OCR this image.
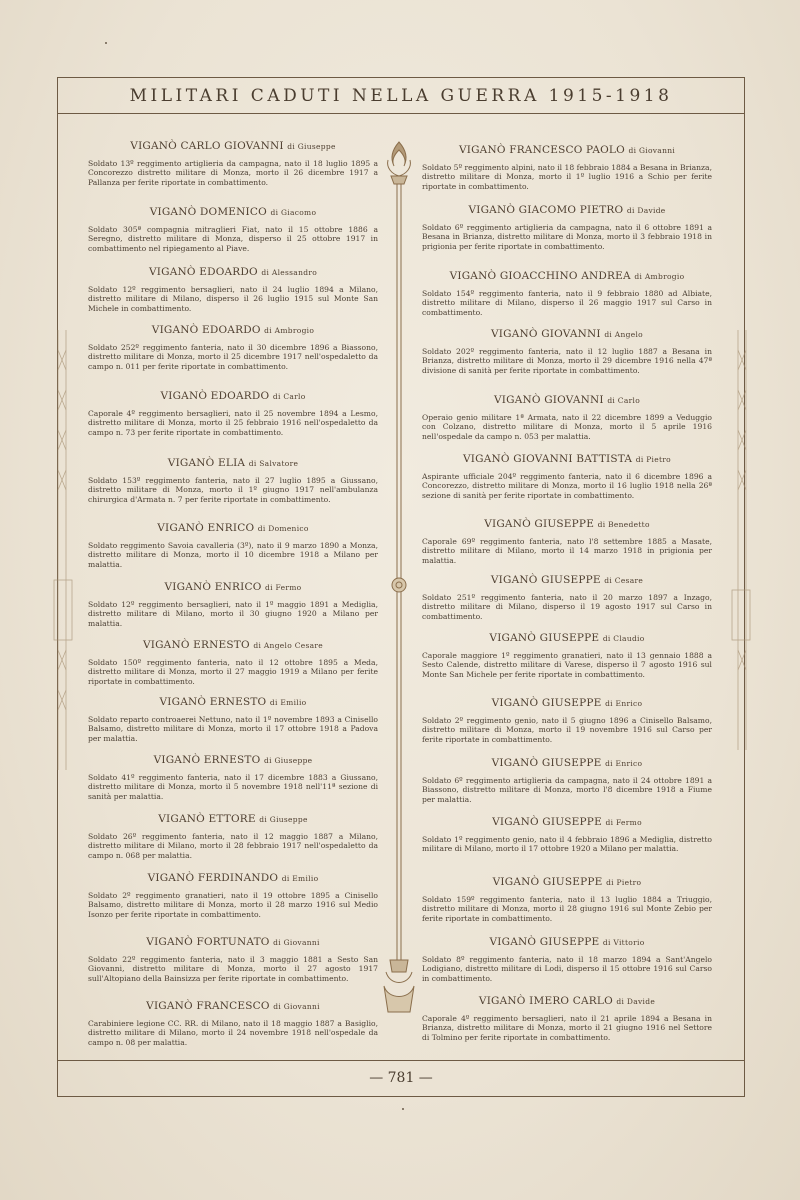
MILITARI CADUTI NELLA GUERRA 1915-1918
VIGANÒ CARLO GIOVANNI di Giuseppe

Soldato 13º reggimento artiglieria da campagna, nato il 18 luglio 1895 a Concorezzo distretto militare di Monza, morto il 26 dicembre 1917 a Pallanza per ferite riportate in combattimento.

VIGANÒ DOMENICO di Giacomo

Soldato 305ª compagnia mitraglieri Fiat, nato il 15 ottobre 1886 a Seregno, distretto militare di Monza, disperso il 25 ottobre 1917 in combattimento nel ripiegamento al Piave.

VIGANÒ EDOARDO di Alessandro

Soldato 12º reggimento bersaglieri, nato il 24 luglio 1894 a Milano, distretto militare di Milano, disperso il 26 luglio 1915 sul Monte San Michele in combattimento.

VIGANÒ EDOARDO di Ambrogio

Soldato 252º reggimento fanteria, nato il 30 dicembre 1896 a Biassono, distretto militare di Monza, morto il 25 dicembre 1917 nell'ospedaletto da campo n. 011 per ferite riportate in combattimento.

VIGANÒ EDOARDO di Carlo

Caporale 4º reggimento bersaglieri, nato il 25 novembre 1894 a Lesmo, distretto militare di Monza, morto il 25 febbraio 1916 nell'ospedaletto da campo n. 73 per ferite riportate in combattimento.

VIGANÒ ELIA di Salvatore

Soldato 153º reggimento fanteria, nato il 27 luglio 1895 a Giussano, distretto militare di Monza, morto il 1º giugno 1917 nell'ambulanza chirurgica d'Armata n. 7 per ferite riportate in combattimento.

VIGANÒ ENRICO di Domenico

Soldato reggimento Savoia cavalleria (3º), nato il 9 marzo 1890 a Monza, distretto militare di Monza, morto il 10 dicembre 1918 a Milano per malattia.

VIGANÒ ENRICO di Fermo

Soldato 12º reggimento bersaglieri, nato il 1º maggio 1891 a Mediglia, distretto militare di Milano, morto il 30 giugno 1920 a Milano per malattia.

VIGANÒ ERNESTO di Angelo Cesare

Soldato 150º reggimento fanteria, nato il 12 ottobre 1895 a Meda, distretto militare di Monza, morto il 27 maggio 1919 a Milano per ferite riportate in combattimento.

VIGANÒ ERNESTO di Emilio

Soldato reparto controaerei Nettuno, nato il 1º novembre 1893 a Cinisello Balsamo, distretto militare di Monza, morto il 17 ottobre 1918 a Padova per malattia.

VIGANÒ ERNESTO di Giuseppe

Soldato 41º reggimento fanteria, nato il 17 dicembre 1883 a Giussano, distretto militare di Monza, morto il 5 novembre 1918 nell'11ª sezione di sanità per malattia.

VIGANÒ ETTORE di Giuseppe

Soldato 26º reggimento fanteria, nato il 12 maggio 1887 a Milano, distretto militare di Milano, morto il 28 febbraio 1917 nell'ospedaletto da campo n. 068 per malattia.

VIGANÒ FERDINANDO di Emilio

Soldato 2º reggimento granatieri, nato il 19 ottobre 1895 a Cinisello Balsamo, distretto militare di Monza, morto il 28 marzo 1916 sul Medio Isonzo per ferite riportate in combattimento.

VIGANÒ FORTUNATO di Giovanni

Soldato 22º reggimento fanteria, nato il 3 maggio 1881 a Sesto San Giovanni, distretto militare di Monza, morto il 27 agosto 1917 sull'Altopiano della Bainsizza per ferite riportate in combattimento.

VIGANÒ FRANCESCO di Giovanni

Carabiniere legione CC. RR. di Milano, nato il 18 maggio 1887 a Basiglio, distretto militare di Milano, morto il 24 novembre 1918 nell'ospedale da campo n. 08 per malattia.

VIGANÒ FRANCESCO PAOLO di Giovanni

Soldato 5º reggimento alpini, nato il 18 febbraio 1884 a Besana in Brianza, distretto militare di Monza, morto il 1º luglio 1916 a Schio per ferite riportate in combattimento.

VIGANÒ GIACOMO PIETRO di Davide

Soldato 6º reggimento artiglieria da campagna, nato il 6 ottobre 1891 a Besana in Brianza, distretto militare di Monza, morto il 3 febbraio 1918 in prigionia per ferite riportate in combattimento.

VIGANÒ GIOACCHINO ANDREA di Ambrogio

Soldato 154º reggimento fanteria, nato il 9 febbraio 1880 ad Albiate, distretto militare di Milano, disperso il 26 maggio 1917 sul Carso in combattimento.

VIGANÒ GIOVANNI di Angelo

Soldato 202º reggimento fanteria, nato il 12 luglio 1887 a Besana in Brianza, distretto militare di Monza, morto il 29 dicembre 1916 nella 47ª divisione di sanità per ferite riportate in combattimento.

VIGANÒ GIOVANNI di Carlo

Operaio genio militare 1ª Armata, nato il 22 dicembre 1899 a Veduggio con Colzano, distretto militare di Monza, morto il 5 aprile 1916 nell'ospedale da campo n. 053 per malattia.

VIGANÒ GIOVANNI BATTISTA di Pietro

Aspirante ufficiale 204º reggimento fanteria, nato il 6 dicembre 1896 a Concorezzo, distretto militare di Monza, morto il 16 luglio 1918 nella 26ª sezione di sanità per ferite riportate in combattimento.

VIGANÒ GIUSEPPE di Benedetto

Caporale 69º reggimento fanteria, nato l'8 settembre 1885 a Masate, distretto militare di Milano, morto il 14 marzo 1918 in prigionia per malattia.

VIGANÒ GIUSEPPE di Cesare

Soldato 251º reggimento fanteria, nato il 20 marzo 1897 a Inzago, distretto militare di Milano, disperso il 19 agosto 1917 sul Carso in combattimento.

VIGANÒ GIUSEPPE di Claudio

Caporale maggiore 1º reggimento granatieri, nato il 13 gennaio 1888 a Sesto Calende, distretto militare di Varese, disperso il 7 agosto 1916 sul Monte San Michele per ferite riportate in combattimento.

VIGANÒ GIUSEPPE di Enrico

Soldato 2º reggimento genio, nato il 5 giugno 1896 a Cinisello Balsamo, distretto militare di Monza, morto il 19 novembre 1916 sul Carso per ferite riportate in combattimento.

VIGANÒ GIUSEPPE di Enrico

Soldato 6º reggimento artiglieria da campagna, nato il 24 ottobre 1891 a Biassono, distretto militare di Monza, morto l'8 dicembre 1918 a Fiume per malattia.

VIGANÒ GIUSEPPE di Fermo

Soldato 1º reggimento genio, nato il 4 febbraio 1896 a Mediglia, distretto militare di Milano, morto il 17 ottobre 1920 a Milano per malattia.

VIGANÒ GIUSEPPE di Pietro

Soldato 159º reggimento fanteria, nato il 13 luglio 1884 a Triuggio, distretto militare di Monza, morto il 28 giugno 1916 sul Monte Zebio per ferite riportate in combattimento.

VIGANÒ GIUSEPPE di Vittorio

Soldato 8º reggimento fanteria, nato il 18 marzo 1894 a Sant'Angelo Lodigiano, distretto militare di Lodi, disperso il 15 ottobre 1916 sul Carso in combattimento.

VIGANÒ IMERO CARLO di Davide

Caporale 4º reggimento bersaglieri, nato il 21 aprile 1894 a Besana in Brianza, distretto militare di Monza, morto il 21 giugno 1916 nel Settore di Tolmino per ferite riportate in combattimento.

— 781 —
